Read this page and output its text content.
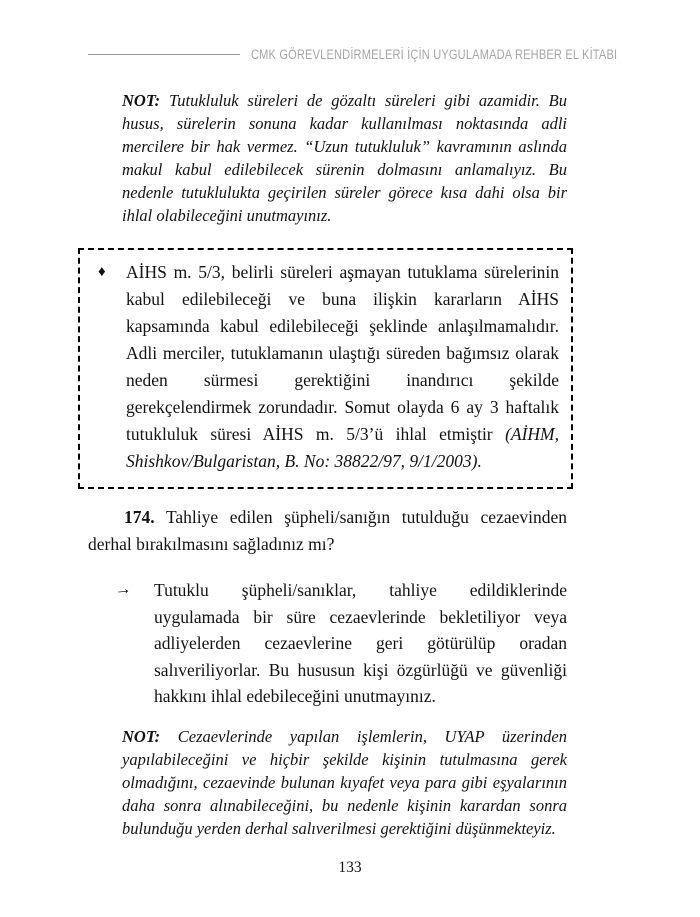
CMK GÖREVLENDİRMELERİ İÇİN UYGULAMADA REHBER EL KİTABI

NOT: Tutukluluk süreleri de gözaltı süreleri gibi azamidir. Bu husus, sürelerin sonuna kadar kullanılması noktasında adli mercilere bir hak vermez. “Uzun tutukluluk” kavramının aslında makul kabul edilebilecek sürenin dolmasını anlamalıyız. Bu nedenle tutuklulukta geçirilen süreler görece kısa dahi olsa bir ihlal olabileceğini unutmayınız.

♦	AİHS m. 5/3, belirli süreleri aşmayan tutuklama sürelerinin kabul edilebileceği ve buna ilişkin kararların AİHS kapsamında kabul edilebileceği şeklinde anlaşılmamalıdır. Adli merciler, tutuklamanın ulaştığı süreden bağımsız olarak neden sürmesi gerektiğini inandırıcı şekilde gerekçelendirmek zorundadır. Somut olayda 6 ay 3 haftalık tutukluluk süresi AİHS m. 5/3’ü ihlal etmiştir (AİHM, Shishkov/Bulgaristan, B. No: 38822/97, 9/1/2003).

174. Tahliye edilen şüpheli/sanığın tutulduğu cezaevinden derhal bırakılmasını sağladınız mı?

→	Tutuklu şüpheli/sanıklar, tahliye edildiklerinde uygulamada bir süre cezaevlerinde bekletiliyor veya adliyelerden cezaevlerine geri götürülüp oradan salıveriliyorlar. Bu hususun kişi özgürlüğü ve güvenliği hakkını ihlal edebileceğini unutmayınız.

NOT: Cezaevlerinde yapılan işlemlerin, UYAP üzerinden yapılabileceğini ve hiçbir şekilde kişinin tutulmasına gerek olmadığını, cezaevinde bulunan kıyafet veya para gibi eşyalarının daha sonra alınabileceğini, bu nedenle kişinin karardan sonra bulunduğu yerden derhal salıverilmesi gerektiğini düşünmekteyiz.

133
